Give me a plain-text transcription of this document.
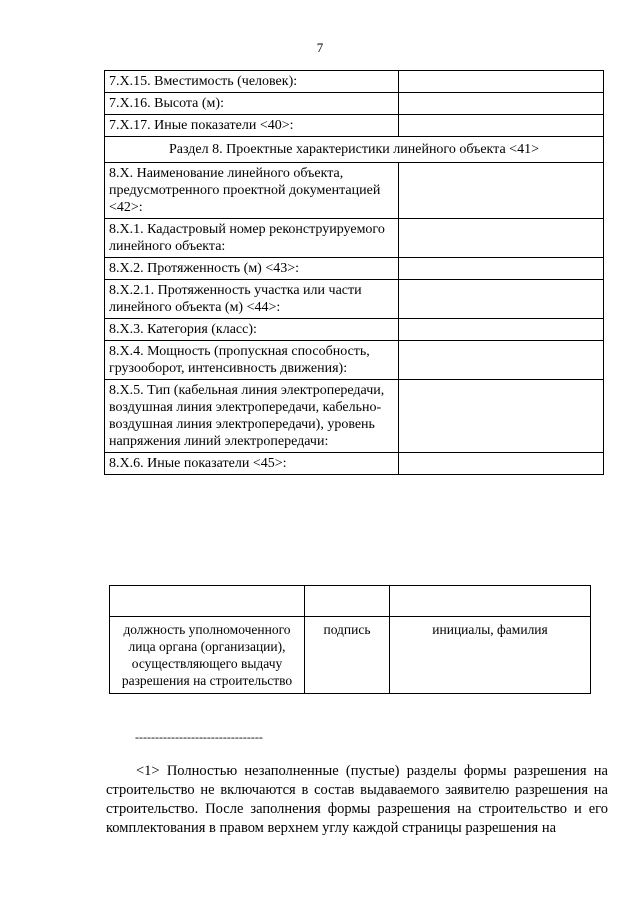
7
7.Х.15. Вместимость (человек):	
7.Х.16. Высота (м):	
7.Х.17. Иные показатели <40>:	
Раздел 8. Проектные характеристики линейного объекта <41>	
8.Х. Наименование линейного объекта, предусмотренного проектной документацией <42>:	
8.Х.1. Кадастровый номер реконструируемого линейного объекта:	
8.Х.2. Протяженность (м) <43>:	
8.Х.2.1. Протяженность участка или части линейного объекта (м) <44>:	
8.Х.3. Категория (класс):	
8.Х.4. Мощность (пропускная способность, грузооборот, интенсивность движения):	
8.Х.5. Тип (кабельная линия электропередачи, воздушная линия электропередачи, кабельно-воздушная линия электропередачи), уровень напряжения линий электропередачи:	
8.Х.6. Иные показатели <45>:	

должность уполномоченного лица органа (организации), осуществляющего выдачу разрешения на строительство	подпись	инициалы, фамилия
--------------------------------

<1> Полностью незаполненные (пустые) разделы формы разрешения на строительство не включаются в состав выдаваемого заявителю разрешения на строительство. После заполнения формы разрешения на строительство и его комплектования в правом верхнем углу каждой страницы разрешения на
